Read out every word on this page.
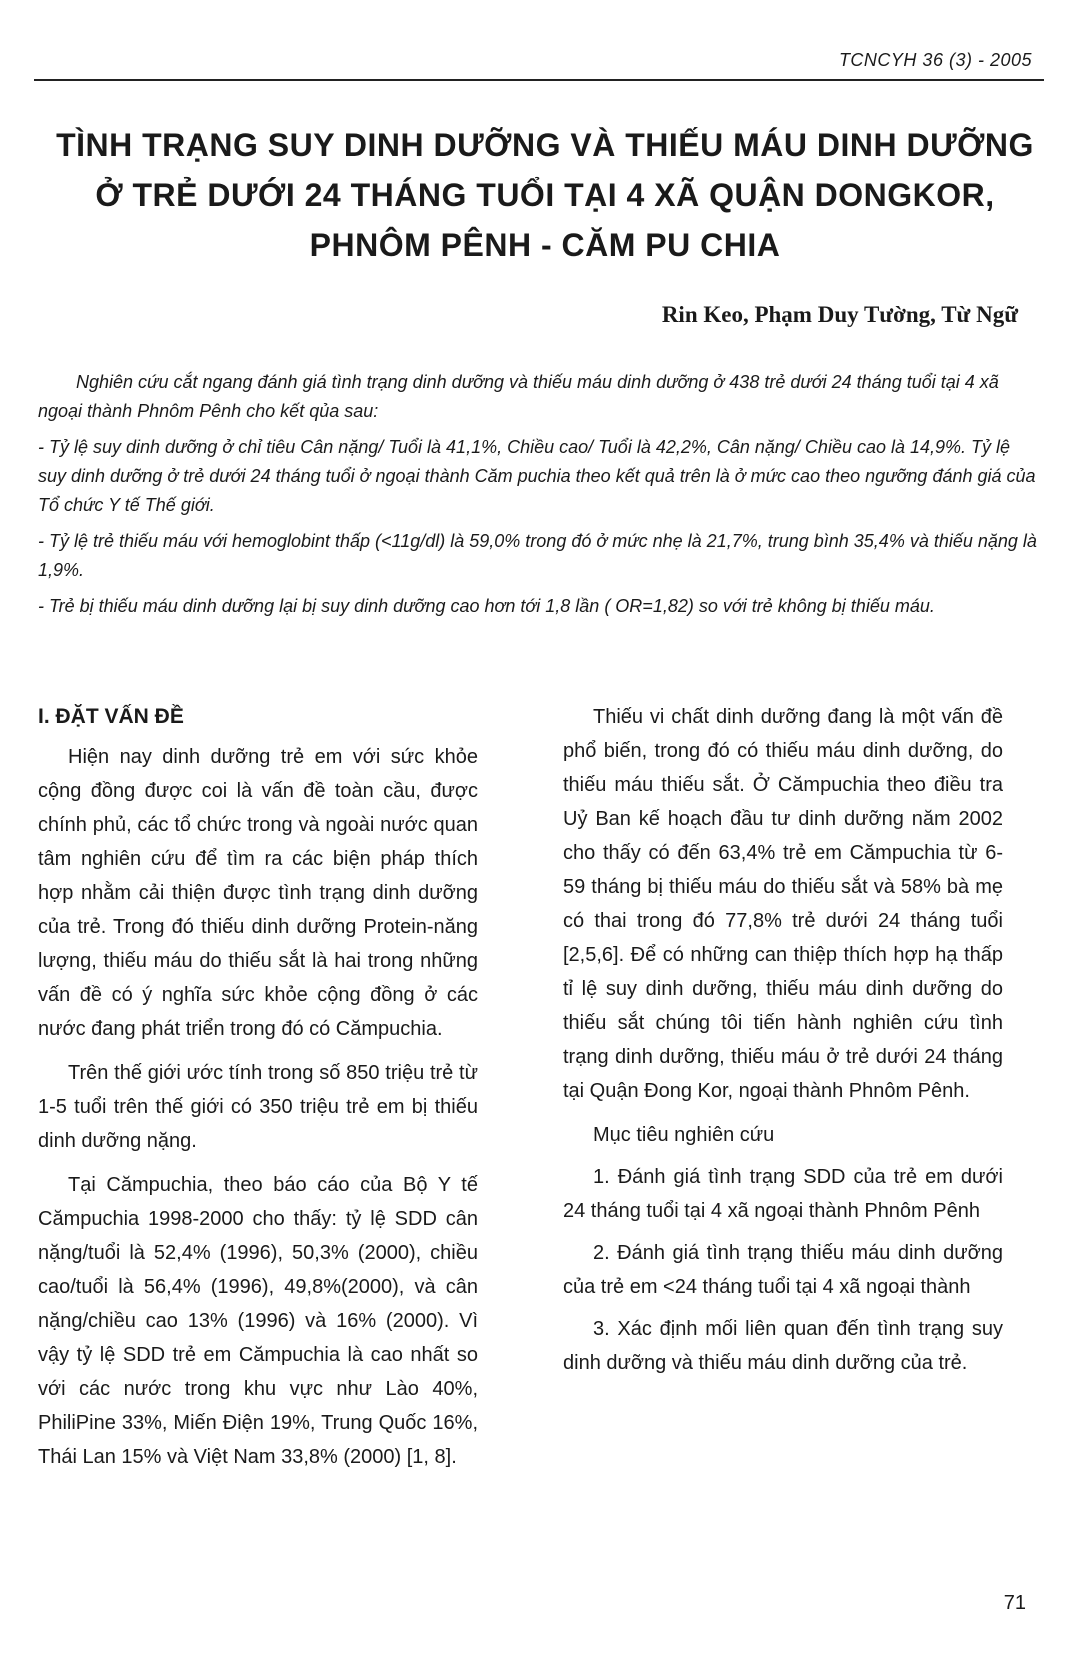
TCNCYH 36 (3) - 2005
TÌNH TRẠNG SUY DINH DƯỠNG VÀ THIẾU MÁU DINH DƯỠNG
Ở TRẺ DƯỚI 24 THÁNG TUỔI TẠI 4 XÃ QUẬN DONGKOR,
PHNÔM PÊNH - CĂM PU CHIA
Rin Keo, Phạm Duy Tường, Từ Ngữ

Nghiên cứu cắt ngang đánh giá tình trạng dinh dưỡng và thiếu máu dinh dưỡng ở 438 trẻ dưới 24 tháng tuổi tại 4 xã ngoại thành Phnôm Pênh cho kết qủa sau:

- Tỷ lệ suy dinh dưỡng ở chỉ tiêu Cân nặng/ Tuổi là 41,1%, Chiều cao/ Tuổi là 42,2%, Cân nặng/ Chiều cao là 14,9%. Tỷ lệ suy dinh dưỡng ở trẻ dưới 24 tháng tuổi ở ngoại thành Căm puchia theo kết quả trên là ở mức cao theo ngưỡng đánh giá của Tổ chức Y tế Thế giới.

- Tỷ lệ trẻ thiếu máu với hemoglobint thấp (<11g/dl) là 59,0% trong đó ở mức nhẹ là 21,7%, trung bình 35,4% và thiếu nặng là 1,9%.

- Trẻ bị thiếu máu dinh dưỡng lại bị suy dinh dưỡng cao hơn tới 1,8 lần ( OR=1,82) so với trẻ không bị thiếu máu.

I. ĐẶT VẤN ĐỀ

Hiện nay dinh dưỡng trẻ em với sức khỏe cộng đồng được coi là vấn đề toàn cầu, được chính phủ, các tổ chức trong và ngoài nước quan tâm nghiên cứu để tìm ra các biện pháp thích hợp nhằm cải thiện được tình trạng dinh dưỡng của trẻ. Trong đó thiếu dinh dưỡng Protein-năng lượng, thiếu máu do thiếu sắt là hai trong những vấn đề có ý nghĩa sức khỏe cộng đồng ở các nước đang phát triển trong đó có Cămpuchia.

Trên thế giới ước tính trong số 850 triệu trẻ từ 1-5 tuổi trên thế giới có 350 triệu trẻ em bị thiếu dinh dưỡng nặng.

Tại Cămpuchia, theo báo cáo của Bộ Y tế Cămpuchia 1998-2000 cho thấy: tỷ lệ SDD cân nặng/tuổi là 52,4% (1996), 50,3% (2000), chiều cao/tuổi là 56,4% (1996), 49,8%(2000), và cân nặng/chiều cao 13% (1996) và 16% (2000). Vì vậy tỷ lệ SDD trẻ em Cămpuchia là cao nhất so với các nước trong khu vực như Lào 40%, PhiliPine 33%, Miến Điện 19%, Trung Quốc 16%, Thái Lan 15% và Việt Nam 33,8% (2000) [1, 8].

Thiếu vi chất dinh dưỡng đang là một vấn đề phổ biến, trong đó có thiếu máu dinh dưỡng, do thiếu máu thiếu sắt. Ở Cămpuchia theo điều tra Uỷ Ban kế hoạch đầu tư dinh dưỡng năm 2002 cho thấy có đến 63,4% trẻ em Cămpuchia từ 6-59 tháng bị thiếu máu do thiếu sắt và 58% bà mẹ có thai trong đó 77,8% trẻ dưới 24 tháng tuổi [2,5,6]. Để có những can thiệp thích hợp hạ thấp tỉ lệ suy dinh dưỡng, thiếu máu dinh dưỡng do thiếu sắt chúng tôi tiến hành nghiên cứu tình trạng dinh dưỡng, thiếu máu ở trẻ dưới 24 tháng tại Quận Đong Kor, ngoại thành Phnôm Pênh.

Mục tiêu nghiên cứu
1. Đánh giá tình trạng SDD của trẻ em dưới 24 tháng tuổi tại 4 xã ngoại thành Phnôm Pênh
2. Đánh giá tình trạng thiếu máu dinh dưỡng của trẻ em <24 tháng tuổi tại 4 xã ngoại thành
3. Xác định mối liên quan đến tình trạng suy dinh dưỡng và thiếu máu dinh dưỡng của trẻ.
71
